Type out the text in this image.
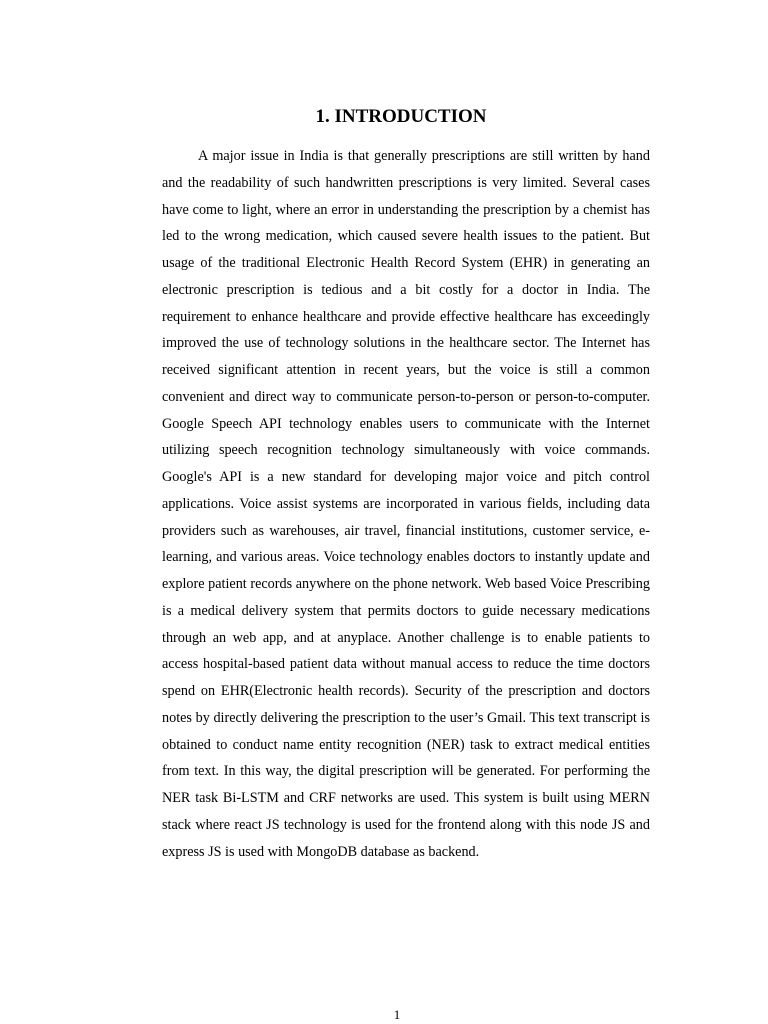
1. INTRODUCTION

A major issue in India is that generally prescriptions are still written by hand and the readability of such handwritten prescriptions is very limited. Several cases have come to light, where an error in understanding the prescription by a chemist has led to the wrong medication, which caused severe health issues to the patient. But usage of the traditional Electronic Health Record System (EHR) in generating an electronic prescription is tedious and a bit costly for a doctor in India. The requirement to enhance healthcare and provide effective healthcare has exceedingly improved the use of technology solutions in the healthcare sector. The Internet has received significant attention in recent years, but the voice is still a common convenient and direct way to communicate person-to-person or person-to-computer. Google Speech API technology enables users to communicate with the Internet utilizing speech recognition technology simultaneously with voice commands. Google's API is a new standard for developing major voice and pitch control applications. Voice assist systems are incorporated in various fields, including data providers such as warehouses, air travel, financial institutions, customer service, e-learning, and various areas. Voice technology enables doctors to instantly update and explore patient records anywhere on the phone network. Web based Voice Prescribing is a medical delivery system that permits doctors to guide necessary medications through an web app, and at anyplace. Another challenge is to enable patients to access hospital-based patient data without manual access to reduce the time doctors spend on EHR(Electronic health records). Security of the prescription and doctors notes by directly delivering the prescription to the user’s Gmail. This text transcript is obtained to conduct name entity recognition (NER) task to extract medical entities from text. In this way, the digital prescription will be generated. For performing the NER task Bi-LSTM and CRF networks are used. This system is built using MERN stack where react JS technology is used for the frontend along with this node JS and express JS is used with MongoDB database as backend.

1
